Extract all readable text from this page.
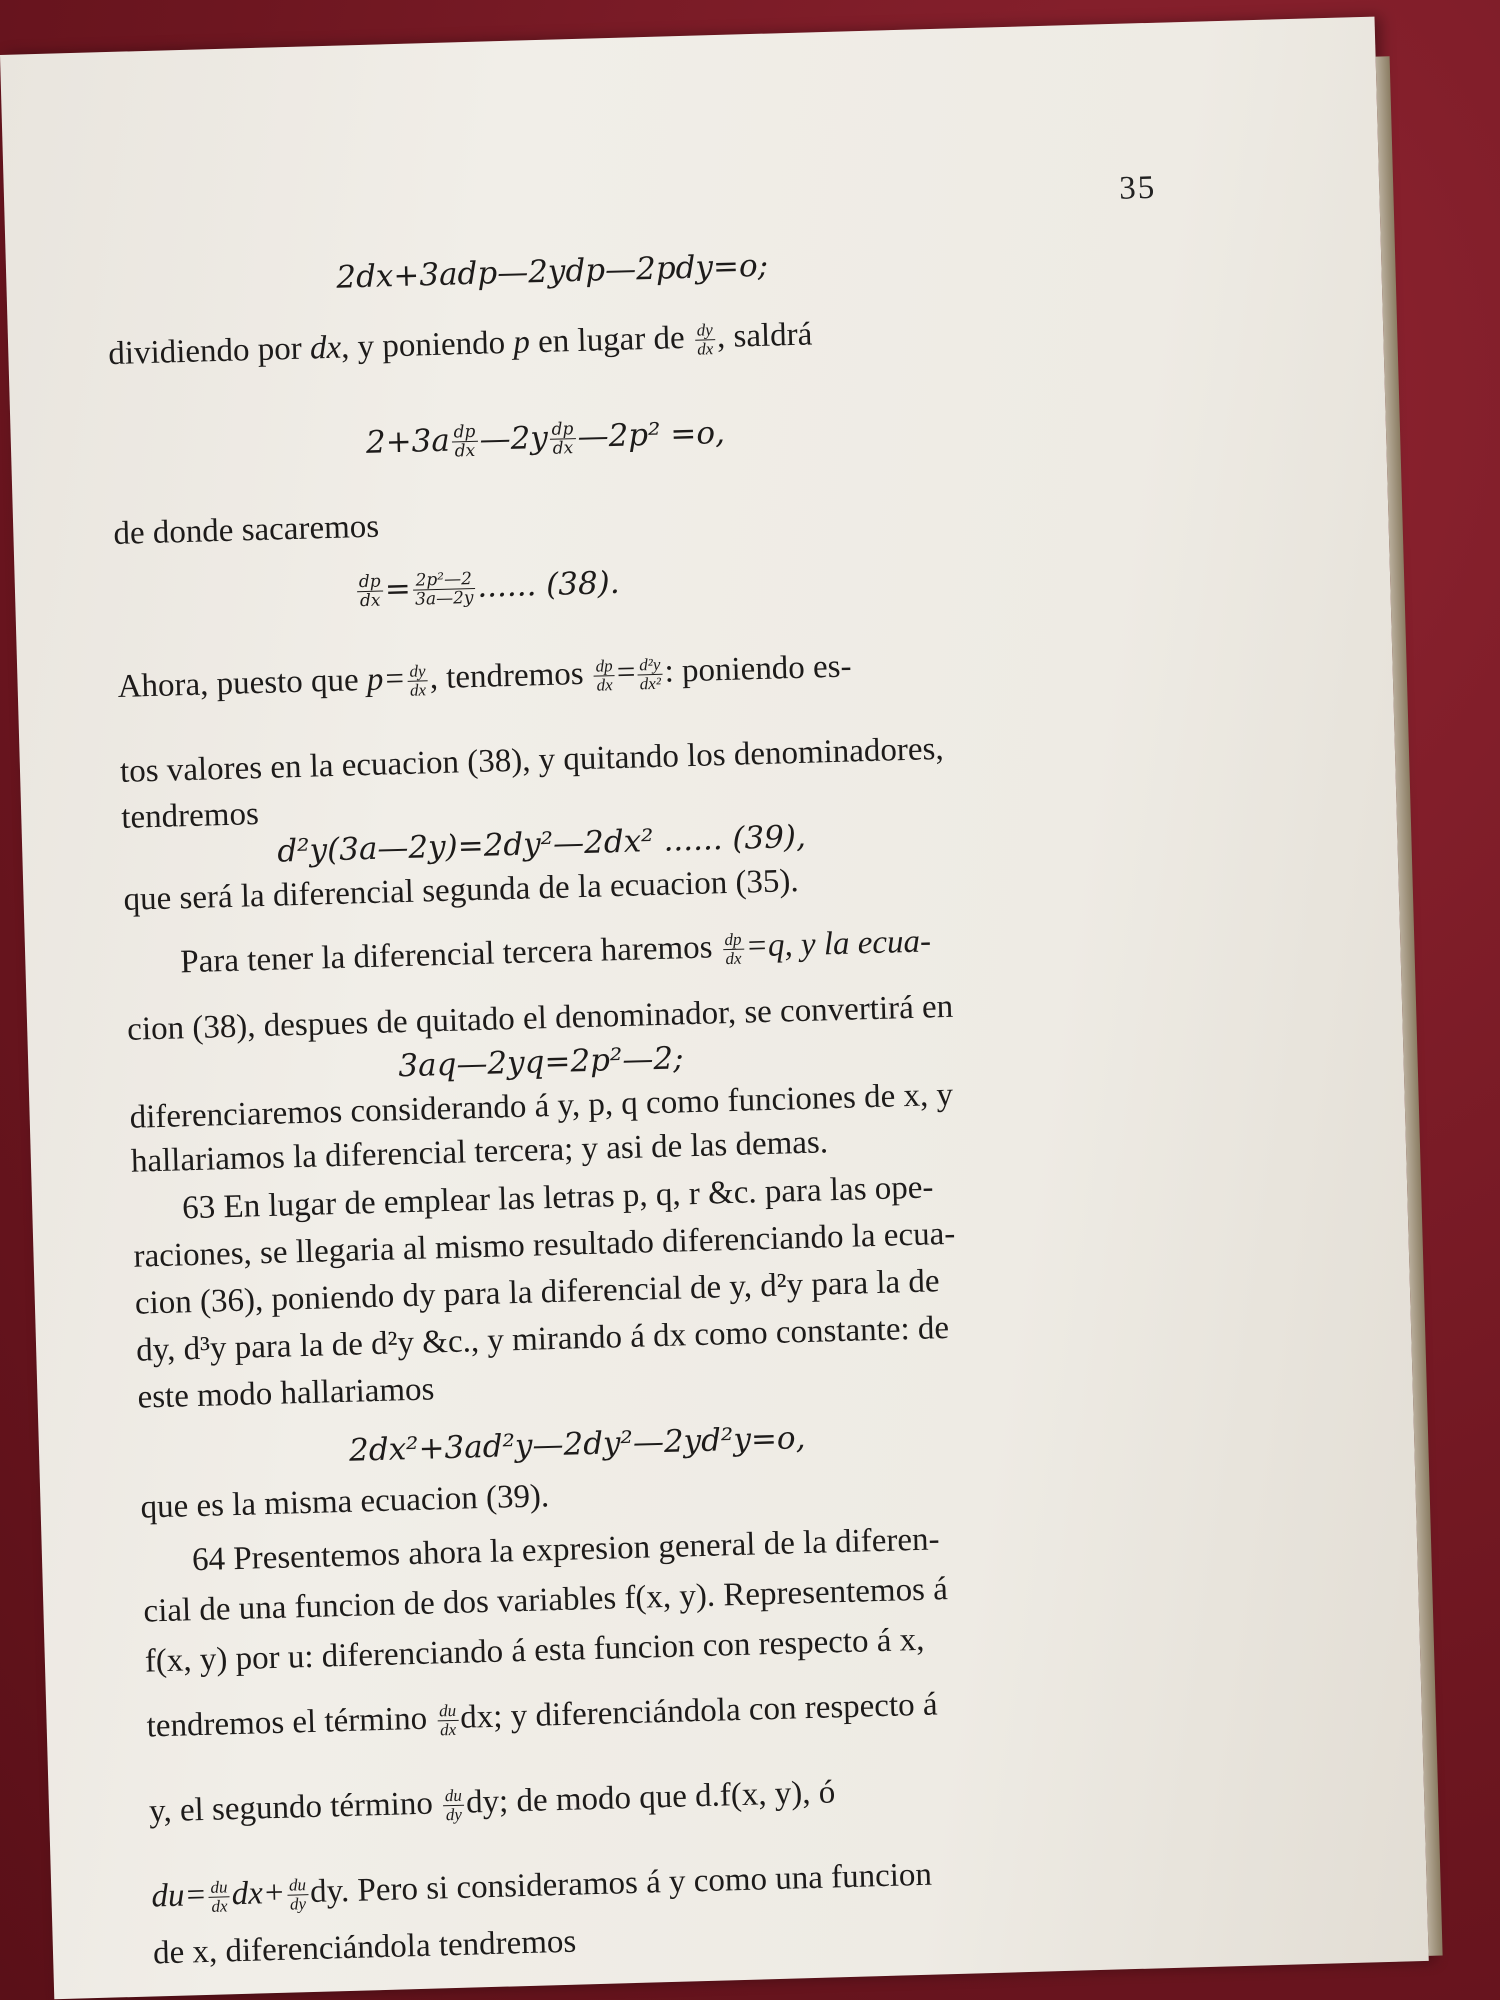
35
2dx+3adp—2ydp—2pdy=o;
dividiendo por dx, y poniendo p en lugar de $\frac{dy}{dx}$ , saldrá
$2+3a \frac{dp}{dx}$ —2y $\frac{dp}{dx}$ —2p² =o,
de donde sacaremos
$\frac{dp}{dx} = \frac{\text{2p²—2}}{3a—2y}$ ...... (38).
Ahora, puesto que $p= \frac{dy}{dx}$ , tendremos $\frac{dp}{dx} = \frac{\text{d²y}}{\text{dx²}}$ : poniendo es-
tos valores en la ecuacion (38), y quitando los denominadores,
tendremos
d²y(3a—2y)=2dy²—2dx² ...... (39),
que será la diferencial segunda de la ecuacion (35).
Para tener la diferencial tercera haremos $\frac{dp}{dx} =q$, y la ecua-
cion (38), despues de quitado el denominador, se convertirá en
3aq—2yq=2p²—2;
diferenciaremos considerando á y, p, q como funciones de x, y
hallariamos la diferencial tercera; y asi de las demas.
63 En lugar de emplear las letras p, q, r &c. para las ope-
raciones, se llegaria al mismo resultado diferenciando la ecua-
cion (36), poniendo dy para la diferencial de y, d²y para la de
dy, d³y para la de d²y &c., y mirando á dx como constante: de
este modo hallariamos
2dx²+3ad²y—2dy²—2yd²y=o,
que es la misma ecuacion (39).
64 Presentemos ahora la expresion general de la diferen-
cial de una funcion de dos variables f(x, y). Representemos á
f(x, y) por u: diferenciando á esta funcion con respecto á x,
tendremos el término $\frac{du}{dx}$ dx; y diferenciándola con respecto á
y, el segundo término $\frac{du}{dy}$ dy; de modo que d.f(x, y), ó
$du= \frac{du}{dx} dx+ \frac{du}{dy}$ dy. Pero si consideramos á y como una funcion
de x, diferenciándola tendremos
